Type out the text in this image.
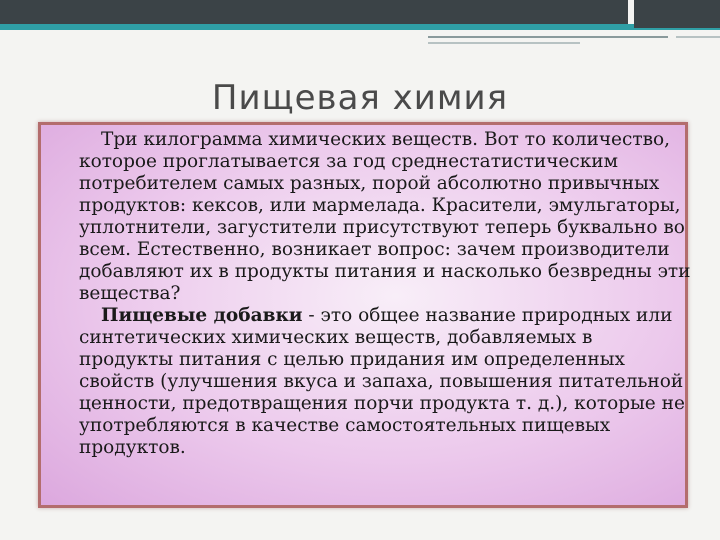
Пищевая химия

Три килограмма химических веществ. Вот то количество, которое проглатывается за год среднестатистическим потребителем самых разных, порой абсолютно привычных продуктов: кексов, или мармелада. Красители, эмульгаторы, уплотнители, загустители присутствуют теперь буквально во всем. Естественно, возникает вопрос: зачем производители добавляют их в продукты питания и насколько безвредны эти вещества?

Пищевые добавки - это общее название природных или синтетических химических веществ, добавляемых в продукты питания с целью придания им определенных свойств (улучшения вкуса и запаха, повышения питательной ценности, предотвращения порчи продукта т. д.), которые не употребляются в качестве самостоятельных пищевых продуктов.
